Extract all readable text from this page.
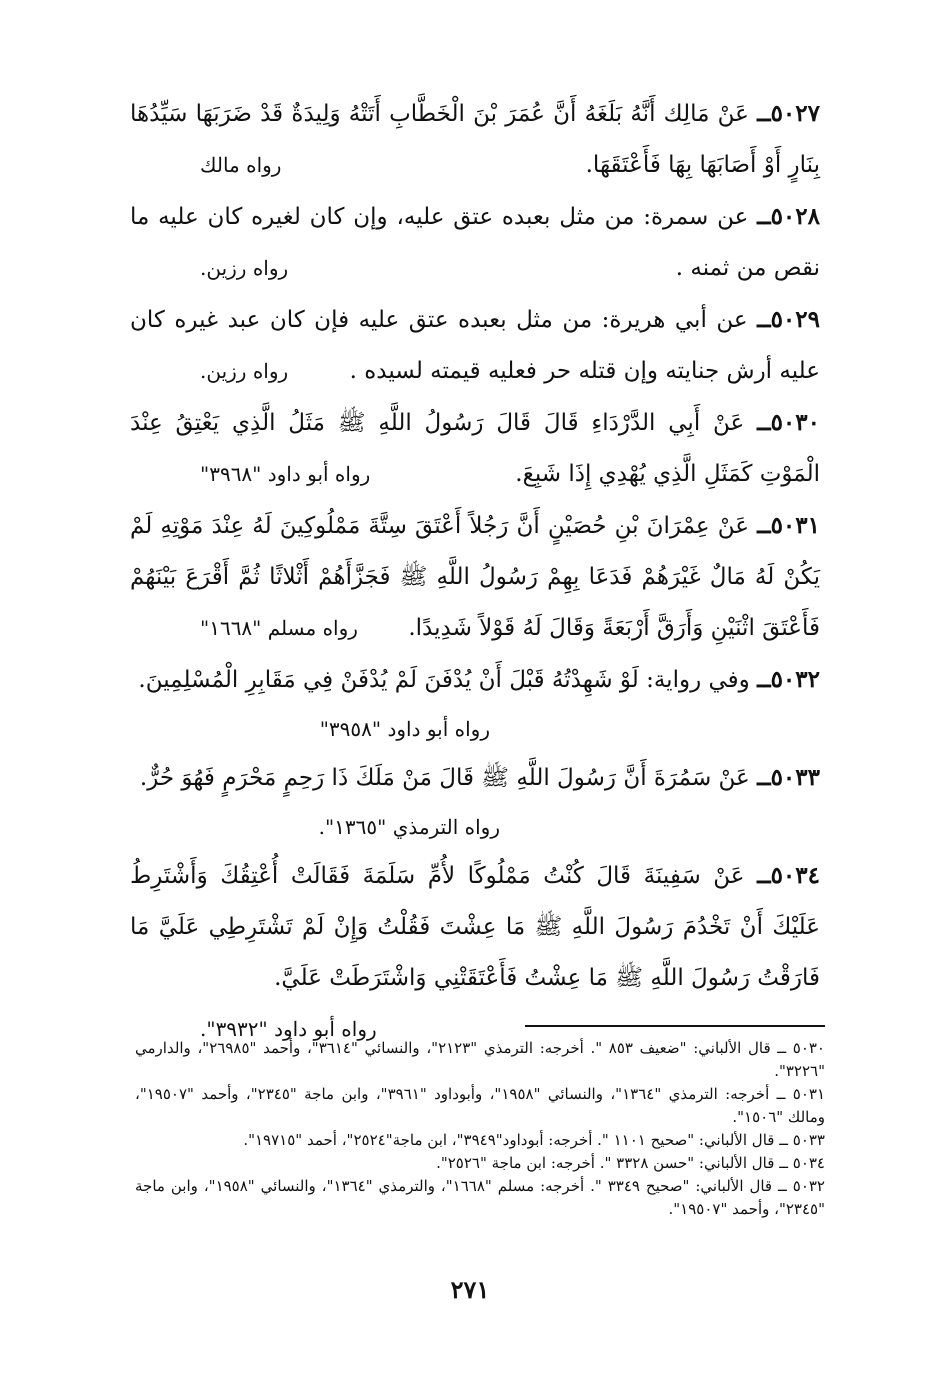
٥٠٢٧ــ عَنْ مَالِك أَنَّهُ بَلَغَهُ أَنَّ عُمَرَ بْنَ الْخَطَّابِ أَتَتْهُ وَلِيدَةٌ قَدْ ضَرَبَهَا سَيِّدُهَا بِنَارٍ أَوْ أَصَابَهَا بِهَا فَأَعْتَقَهَا.
رواه مالك

٥٠٢٨ــ عن سمرة: من مثل بعبده عتق عليه، وإن كان لغيره كان عليه ما نقص من ثمنه .
رواه رزين.

٥٠٢٩ــ عن أبي هريرة: من مثل بعبده عتق عليه فإن كان عبد غيره كان عليه أرش جنايته وإن قتله حر فعليه قيمته لسيده .
رواه رزين.

٥٠٣٠ــ عَنْ أَبِي الدَّرْدَاءِ قَالَ قَالَ رَسُولُ اللَّهِ ﷺ مَثَلُ الَّذِي يَعْتِقُ عِنْدَ الْمَوْتِ كَمَثَلِ الَّذِي يُهْدِي إِذَا شَبِعَ.
رواه أبو داود "٣٩٦٨"

٥٠٣١ــ عَنْ عِمْرَانَ بْنِ حُصَيْنٍ أَنَّ رَجُلاً أَعْتَقَ سِتَّةَ مَمْلُوكِينَ لَهُ عِنْدَ مَوْتِهِ لَمْ يَكُنْ لَهُ مَالٌ غَيْرَهُمْ فَدَعَا بِهِمْ رَسُولُ اللَّهِ ﷺ فَجَزَّأَهُمْ أَثْلاثًا ثُمَّ أَقْرَعَ بَيْنَهُمْ فَأَعْتَقَ اثْنَيْنِ وَأَرَقَّ أَرْبَعَةً وَقَالَ لَهُ قَوْلاً شَدِيدًا.
رواه مسلم "١٦٦٨"

٥٠٣٢ــ وفي رواية: لَوْ شَهِدْتُهُ قَبْلَ أَنْ يُدْفَنَ لَمْ يُدْفَنْ فِي مَقَابِرِ الْمُسْلِمِينَ.

رواه أبو داود "٣٩٥٨"

٥٠٣٣ــ عَنْ سَمُرَةَ أَنَّ رَسُولَ اللَّهِ ﷺ قَالَ مَنْ مَلَكَ ذَا رَحِمٍ مَحْرَمٍ فَهُوَ حُرٌّ.

رواه الترمذي "١٣٦٥".

٥٠٣٤ــ عَنْ سَفِينَةَ قَالَ كُنْتُ مَمْلُوكًا لأُمِّ سَلَمَةَ فَقَالَتْ أُعْتِقُكَ وَأَشْتَرِطُ عَلَيْكَ أَنْ تَخْدُمَ رَسُولَ اللَّهِ ﷺ مَا عِشْتَ فَقُلْتُ وَإِنْ لَمْ تَشْتَرِطِي عَلَيَّ مَا فَارَقْتُ رَسُولَ اللَّهِ ﷺ مَا عِشْتُ فَأَعْتَقَتْنِي وَاشْتَرَطَتْ عَلَيَّ.
رواه أبو داود "٣٩٣٢".

٥٠٣٠ ــ قال الألباني: "ضعيف ٨٥٣ ". أخرجه: الترمذي "٢١٢٣"، والنسائي "٣٦١٤"، وأحمد "٢٦٩٨٥"، والدارمي "٣٢٢٦".

٥٠٣١ ــ أخرجه: الترمذي "١٣٦٤"، والنسائي "١٩٥٨"، وأبوداود "٣٩٦١"، وابن ماجة "٢٣٤٥"، وأحمد "١٩٥٠٧"، ومالك "١٥٠٦".

٥٠٣٣ ــ قال الألباني: "صحيح ١١٠١ ". أخرجه: أبوداود"٣٩٤٩"، ابن ماجة"٢٥٢٤"، أحمد "١٩٧١٥".

٥٠٣٤ ــ قال الألباني: "حسن ٣٣٢٨ ". أخرجه: ابن ماجة "٢٥٢٦".

٥٠٣٢ ــ قال الألباني: "صحيح ٣٣٤٩ ". أخرجه: مسلم "١٦٦٨"، والترمذي "١٣٦٤"، والنسائي "١٩٥٨"، وابن ماجة "٢٣٤٥"، وأحمد "١٩٥٠٧".

٢٧١
